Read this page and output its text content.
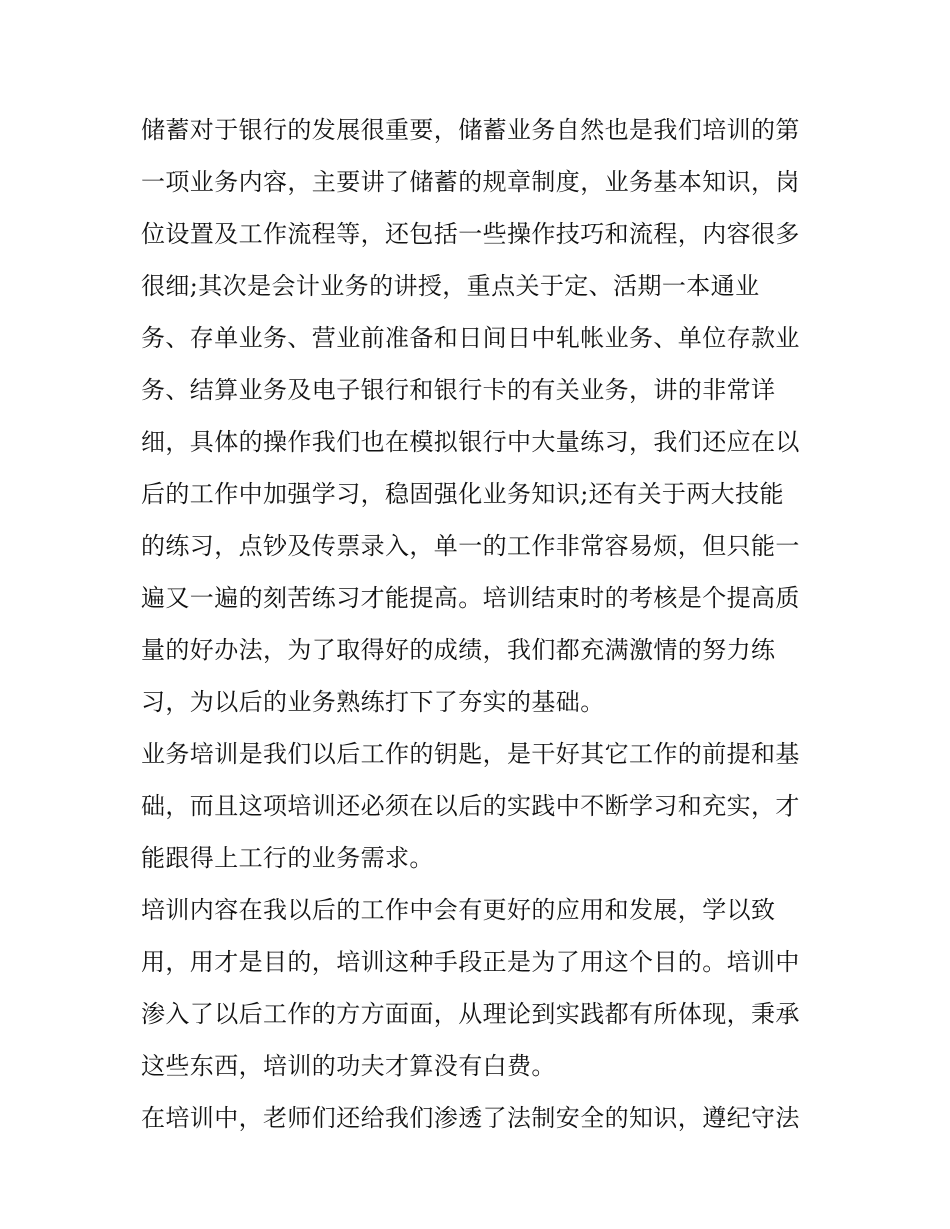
储蓄对于银行的发展很重要，储蓄业务自然也是我们培训的第
一项业务内容，主要讲了储蓄的规章制度，业务基本知识，岗
位设置及工作流程等，还包括一些操作技巧和流程，内容很多
很细;其次是会计业务的讲授，重点关于定、活期一本通业
务、存单业务、营业前准备和日间日中轧帐业务、单位存款业
务、结算业务及电子银行和银行卡的有关业务，讲的非常详
细，具体的操作我们也在模拟银行中大量练习，我们还应在以
后的工作中加强学习，稳固强化业务知识;还有关于两大技能
的练习，点钞及传票录入，单一的工作非常容易烦，但只能一
遍又一遍的刻苦练习才能提高。培训结束时的考核是个提高质
量的好办法，为了取得好的成绩，我们都充满激情的努力练
习，为以后的业务熟练打下了夯实的基础。
业务培训是我们以后工作的钥匙，是干好其它工作的前提和基
础，而且这项培训还必须在以后的实践中不断学习和充实，才
能跟得上工行的业务需求。
培训内容在我以后的工作中会有更好的应用和发展，学以致
用，用才是目的，培训这种手段正是为了用这个目的。培训中
渗入了以后工作的方方面面，从理论到实践都有所体现，秉承
这些东西，培训的功夫才算没有白费。
在培训中，老师们还给我们渗透了法制安全的知识，遵纪守法
